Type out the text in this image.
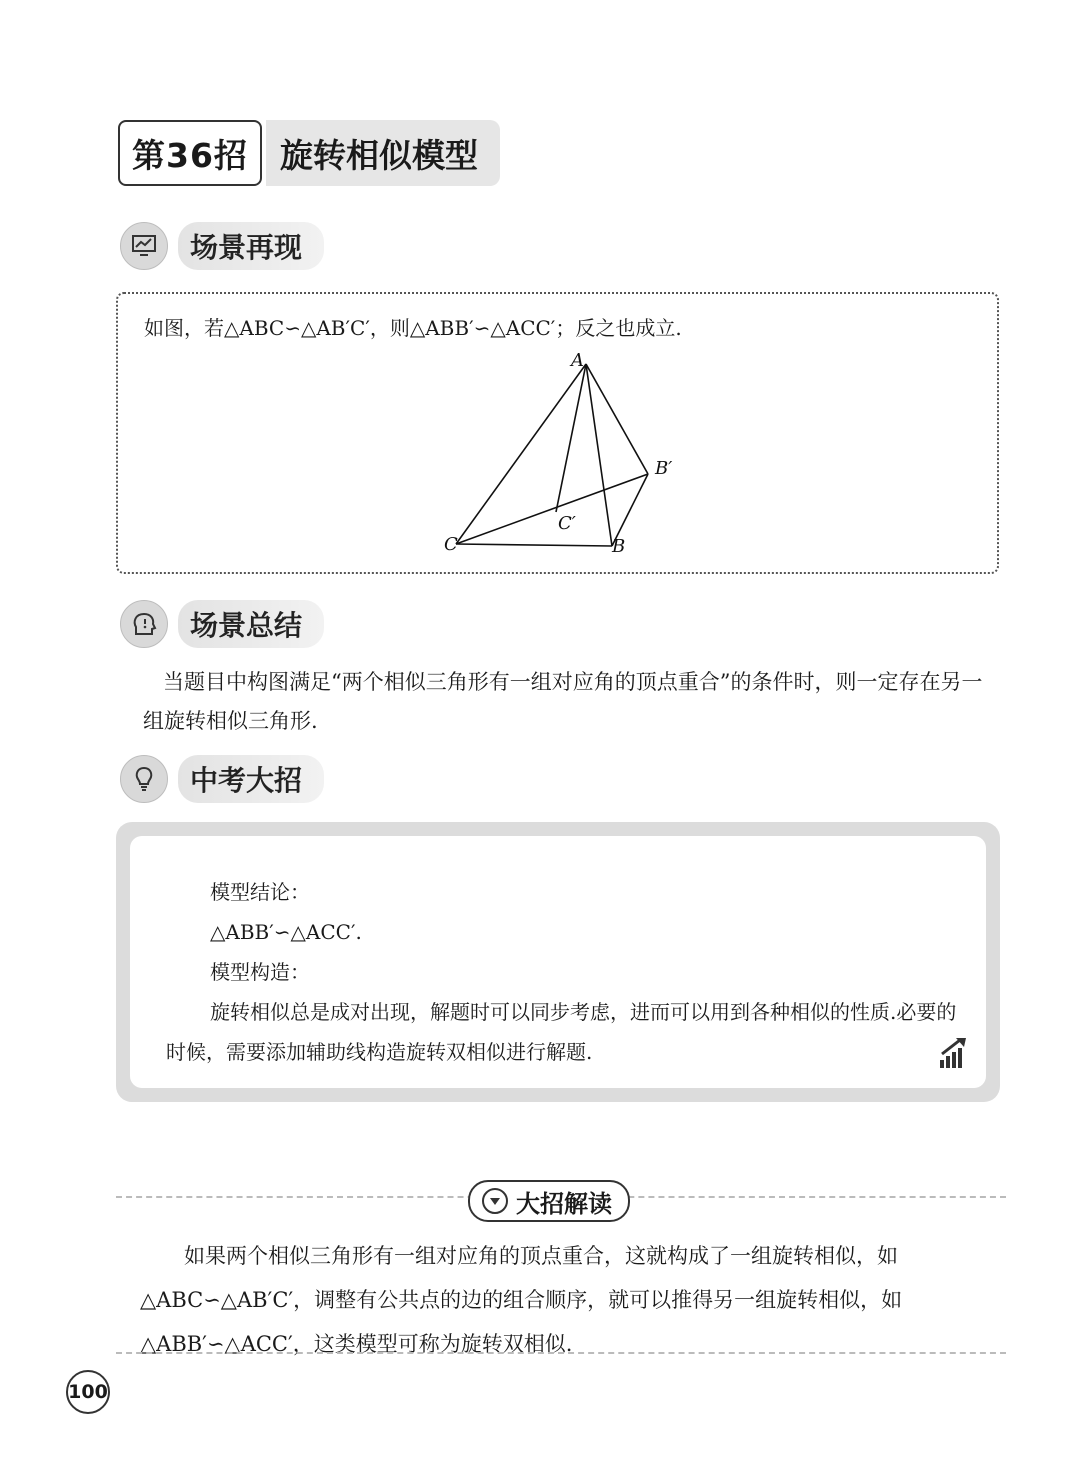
第36招 旋转相似模型
场景再现
如图，若△ABC∽△AB′C′，则△ABB′∽△ACC′；反之也成立.
A
B′
C′
C	B
场景总结
当题目中构图满足“两个相似三角形有一组对应角的顶点重合”的条件时，则一定存在另一组旋转相似三角形.
中考大招
模型结论：
△ABB′∽△ACC′.
模型构造：
旋转相似总是成对出现，解题时可以同步考虑，进而可以用到各种相似的性质.必要的时候，需要添加辅助线构造旋转双相似进行解题.
大招解读
如果两个相似三角形有一组对应角的顶点重合，这就构成了一组旋转相似，如△ABC∽△AB′C′，调整有公共点的边的组合顺序，就可以推得另一组旋转相似，如△ABB′∽△ACC′，这类模型可称为旋转双相似.
100
